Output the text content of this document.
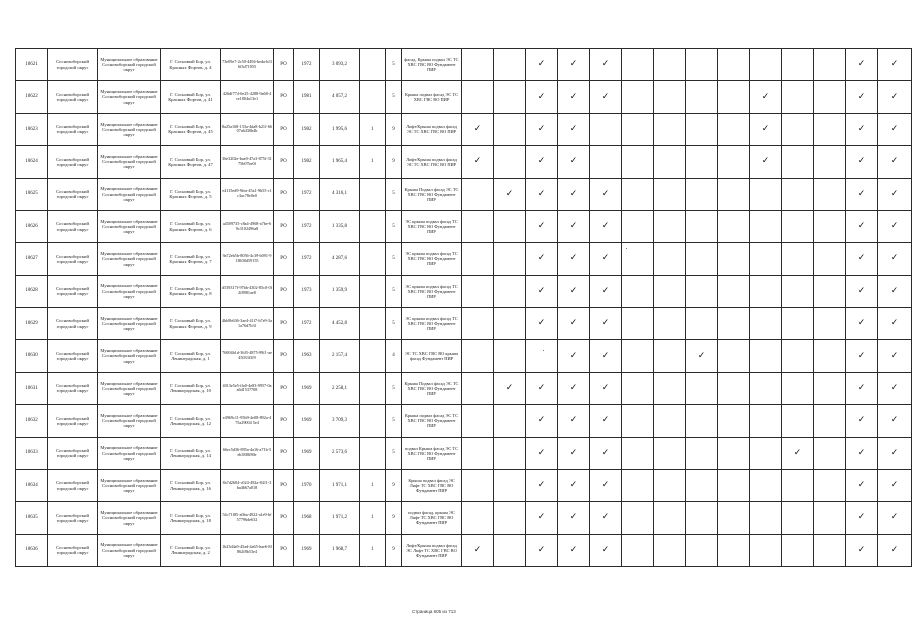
10621	Сосновоборский городской округ	Муниципальное образование Сосновоборский городской округ	Г. Сосновый Бор, ул. Красных Фортов, д. 4	73e09e7-2c50-4494-beda-bf36f3d71055	РО	1972	3 093,2		5	фасад, Крыша подвал ЭС ТС ХВС ГВС ВО Фундамент ПИР			✓	✓	✓								✓	✓
10622	Сосновоборский городской округ	Муниципальное образование Сосновоборский городской округ	Г. Сосновый Бор, ул. Красных Фортов, д. 41	426df774-6e25-4288-9a68-4ce1804a13e1	РО	1981	4 057,2		5	Крыша подвал фасад ЭС ТС ХВС ГВС ВО ПИР			✓	✓	✓					✓			✓	✓
10623	Сосновоборский городской округ	Муниципальное образование Сосновоборский городской округ	Г. Сосновый Бор, ул. Красных Фортов, д. 45	8a25a168-133a-4da8-b21f-6607a6430b4b	РО	1982	1 995,6	1	9	Лифт/Крыша подвал фасад ЭС ТС ХВС ГВС ВО ПИР	✓		✓	✓						✓			✓	✓
10624	Сосновоборский городской округ	Муниципальное образование Сосновоборский городской округ	Г. Сосновый Бор, ул. Красных Фортов, д. 47	36e3202e-bae0-47a3-875f-3175b07be0f	РО	1982	1 965,4	1	9	Лифт/Крыша подвал фасад ЭС ТС ХВС ГВС ВО ПИР	✓		✓	✓						✓			✓	✓
10625	Сосновоборский городской округ	Муниципальное образование Сосновоборский городской округ	Г. Сосновый Бор, ул. Красных Фортов, д. 5	e4115ed9-9fea-45a1-9b55-c1c3ac78e0e0	РО	1972	4 316,1		5	Крыша Подвал фасад ЭС ТС ХВС ГВС ВО Фундамент ПИР		✓	✓	✓	✓								✓	✓
10626	Сосновоборский городской округ	Муниципальное образование Сосновоборский городской округ	Г. Сосновый Бор, ул. Красных Фортов, д. 6	a4509735-c8a4-4968-a7be-69c3102496a8	РО	1972	1 335,8		5	ЭС крыша подвал фасад ТС ХВС ГВС ВО Фундамент ПИР			✓	✓	✓								✓	✓
10627	Сосновоборский городской округ	Муниципальное образование Сосновоборский городской округ	Г. Сосновый Бор, ул. Красных Фортов, д. 7	9a72eb5b-8056-4c39-b091-918630d59155	РО	1972	4 287,6		5	ЭС крыша подвал фасад ТС ХВС ГВС ВО Фундамент ПИР			✓	✓	✓								✓	✓
10628	Сосновоборский городской округ	Муниципальное образование Сосновоборский городской округ	Г. Сосновый Бор, ул. Красных Фортов, д. 8	d539317f-97bb-4302-85c0-0f2f8981ae8	РО	1973	1 359,9		5	ЭС крыша подвал фасад ТС ХВС ГВС ВО Фундамент ПИР			✓	✓	✓								✓	✓
10629	Сосновоборский городской округ	Муниципальное образование Сосновоборский городской округ	Г. Сосновый Бор, ул. Красных Фортов, д. 9	4bb9b636-3ae4-41f7-b7e9-3a1a76d7b3f	РО	1972	4 452,8		5	ЭС крыша подвал фасад ТС ХВС ГВС ВО Фундамент ПИР			✓	✓	✓								✓	✓
10630	Сосновоборский городской округ	Муниципальное образование Сосновоборский городской округ	Г. Сосновый Бор, ул. Ленинградская, д. 1	76004b1d-36f5-4875-99f1-ae45033f5f9	РО	1963	2 157,4		4	ЭС ТС ХВС ГВС ВО крыша фасад Фундамент ПИР				✓	✓			✓					✓	✓
10631	Сосновоборский городской округ	Муниципальное образование Сосновоборский городской округ	Г. Сосновый Бор, ул. Ленинградская, д. 10	4013e5e5-ffa0-4e83-9957-0aa6d1537708	РО	1969	2 258,1		5	Крыша Подвал фасад ЭС ТС ХВС ГВС ВО Фундамент ПИР		✓	✓	✓	✓								✓	✓
10632	Сосновоборский городской округ	Муниципальное образование Сосновоборский городской округ	Г. Сосновый Бор, ул. Ленинградская, д. 12	e4969c11-95b9-4e08-892a-475a29004 5e4	РО	1969	3 709,3		5	Крыша подвал фасад ЭС ТС ХВС ГВС ВО Фундамент ПИР			✓	✓	✓								✓	✓
10633	Сосновоборский городской округ	Муниципальное образование Сосновоборский городской округ	Г. Сосновый Бор, ул. Ленинградская, д. 14	66ec5d36-895a-4a16-a71b-5eb38f8f80e	РО	1969	2 573,6		5	подвал Крыша фасад ЭС ТС ХВС ГВС ВО Фундамент ПИР			✓	✓	✓						✓		✓	✓
10634	Сосновоборский городской округ	Муниципальное образование Сосновоборский городской округ	Г. Сосновый Бор, ул. Ленинградская, д. 16	8a7d2604-c024-492a-8411-3ba4667a018	РО	1970	1 971,1	1	9	Крыша подвал фасад ЭС Лифт ТС ХВС ГВС ВО Фундамент ПИР			✓	✓	✓								✓	✓
10635	Сосновоборский городской округ	Муниципальное образование Сосновоборский городской округ	Г. Сосновый Бор, ул. Ленинградская, д. 18	54c71f85-a0ba-4922-a1e9-bf57796de632	РО	1968	1 971,2	1	9	подвал фасад, крыша ЭС Лифт ТС ХВС ГВС ВО Фундамент ПИР			✓	✓	✓								✓	✓
10636	Сосновоборский городской округ	Муниципальное образование Сосновоборский городской округ	Г. Сосновый Бор, ул. Ленинградская, д. 2	1b23d4a9-45ad-4a65-bae6-8f862f8b53e4	РО	1969	1 968,7	1	9	Лифт/Крыша подвал фасад ЭС Лифт ТС ХВС ГВС ВО Фундамент ПИР	✓		✓	✓	✓								✓	✓
Страница 605 из 713
